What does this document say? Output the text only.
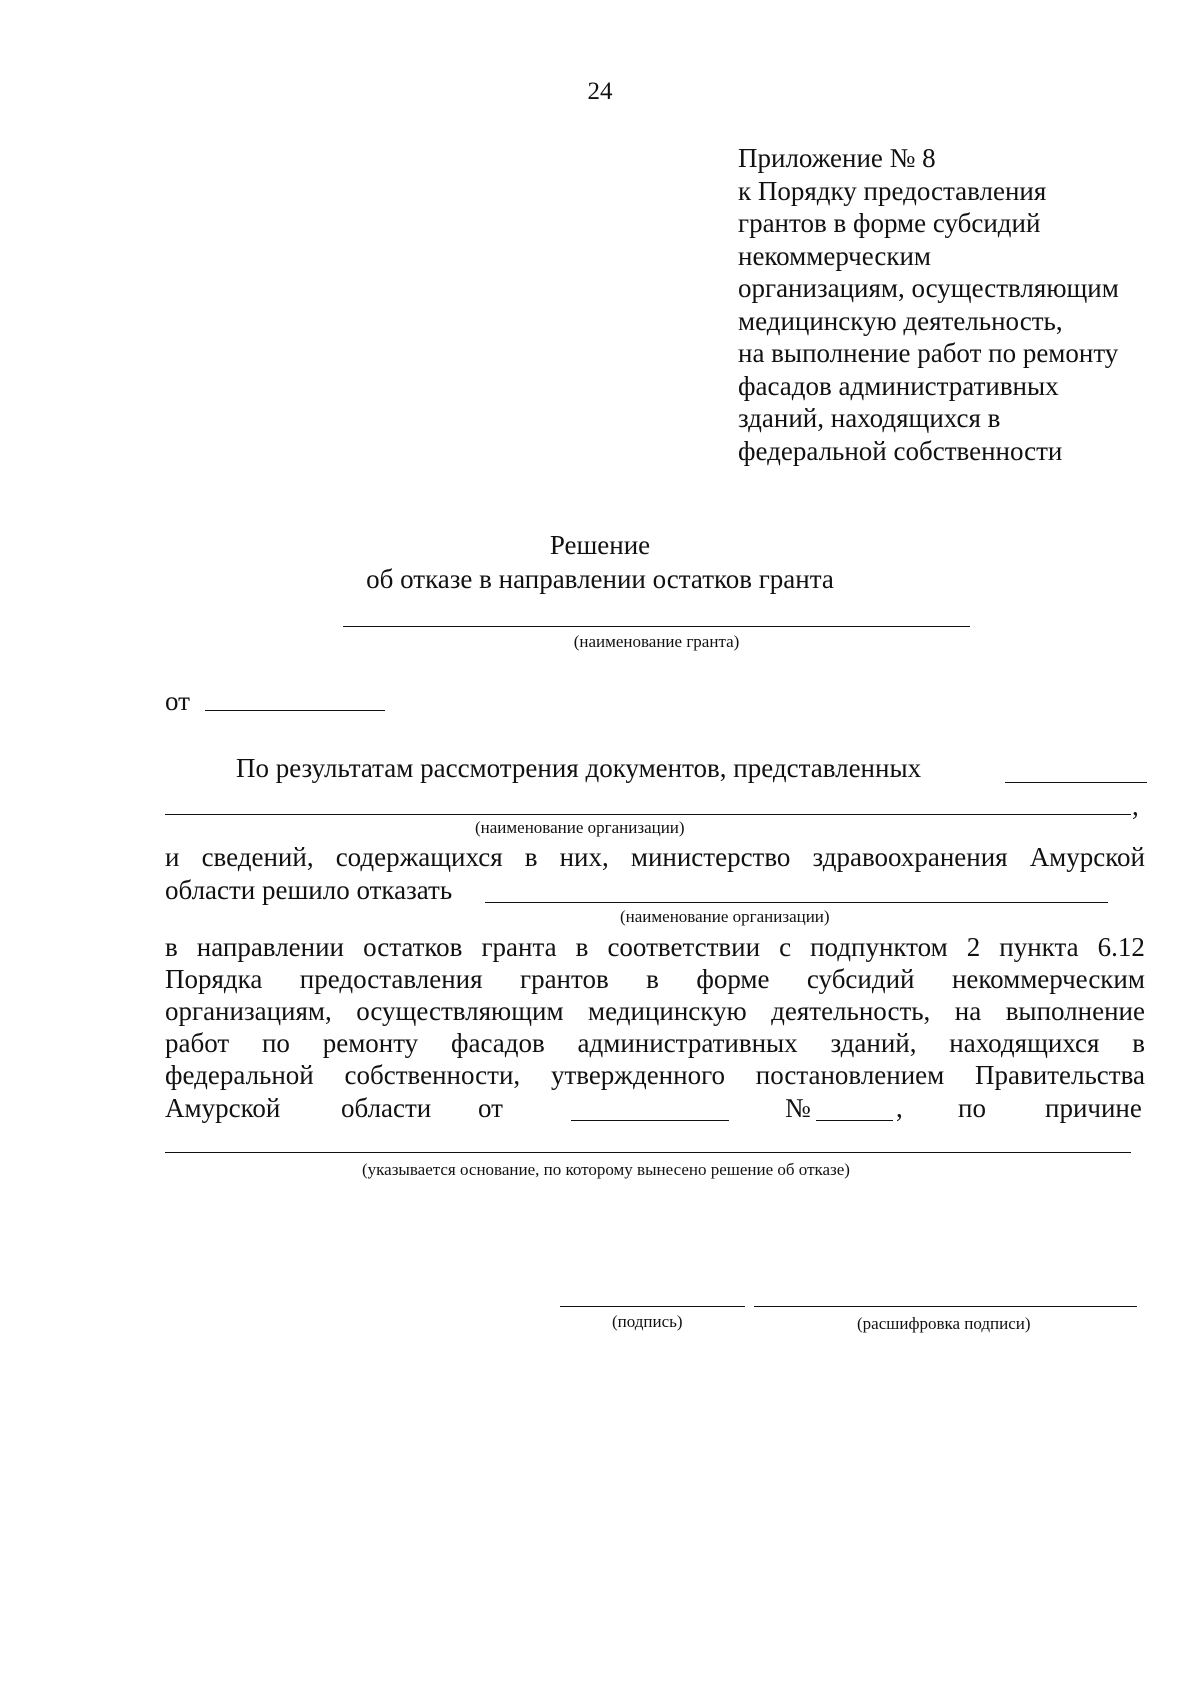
24
Приложение № 8
к Порядку предоставления
грантов в форме субсидий
некоммерческим
организациям, осуществляющим
медицинскую деятельность,
на выполнение работ по ремонту
фасадов административных
зданий, находящихся в
федеральной собственности
Решение
об отказе в направлении остатков гранта
(наименование гранта)
от
По результатам рассмотрения документов, представленных
,
(наименование организации)
и сведений, содержащихся в них, министерство здравоохранения Амурской
области решило отказать
(наименование организации)
в направлении остатков гранта в соответствии с подпунктом 2 пункта 6.12
Порядка предоставления грантов в форме субсидий некоммерческим
организациям, осуществляющим медицинскую деятельность, на выполнение
работ по ремонту фасадов административных зданий, находящихся в
федеральной собственности, утвержденного постановлением Правительства
Амурской области от	№	, по причине
(указывается основание, по которому вынесено решение об отказе)
(подпись)	(расшифровка подписи)
